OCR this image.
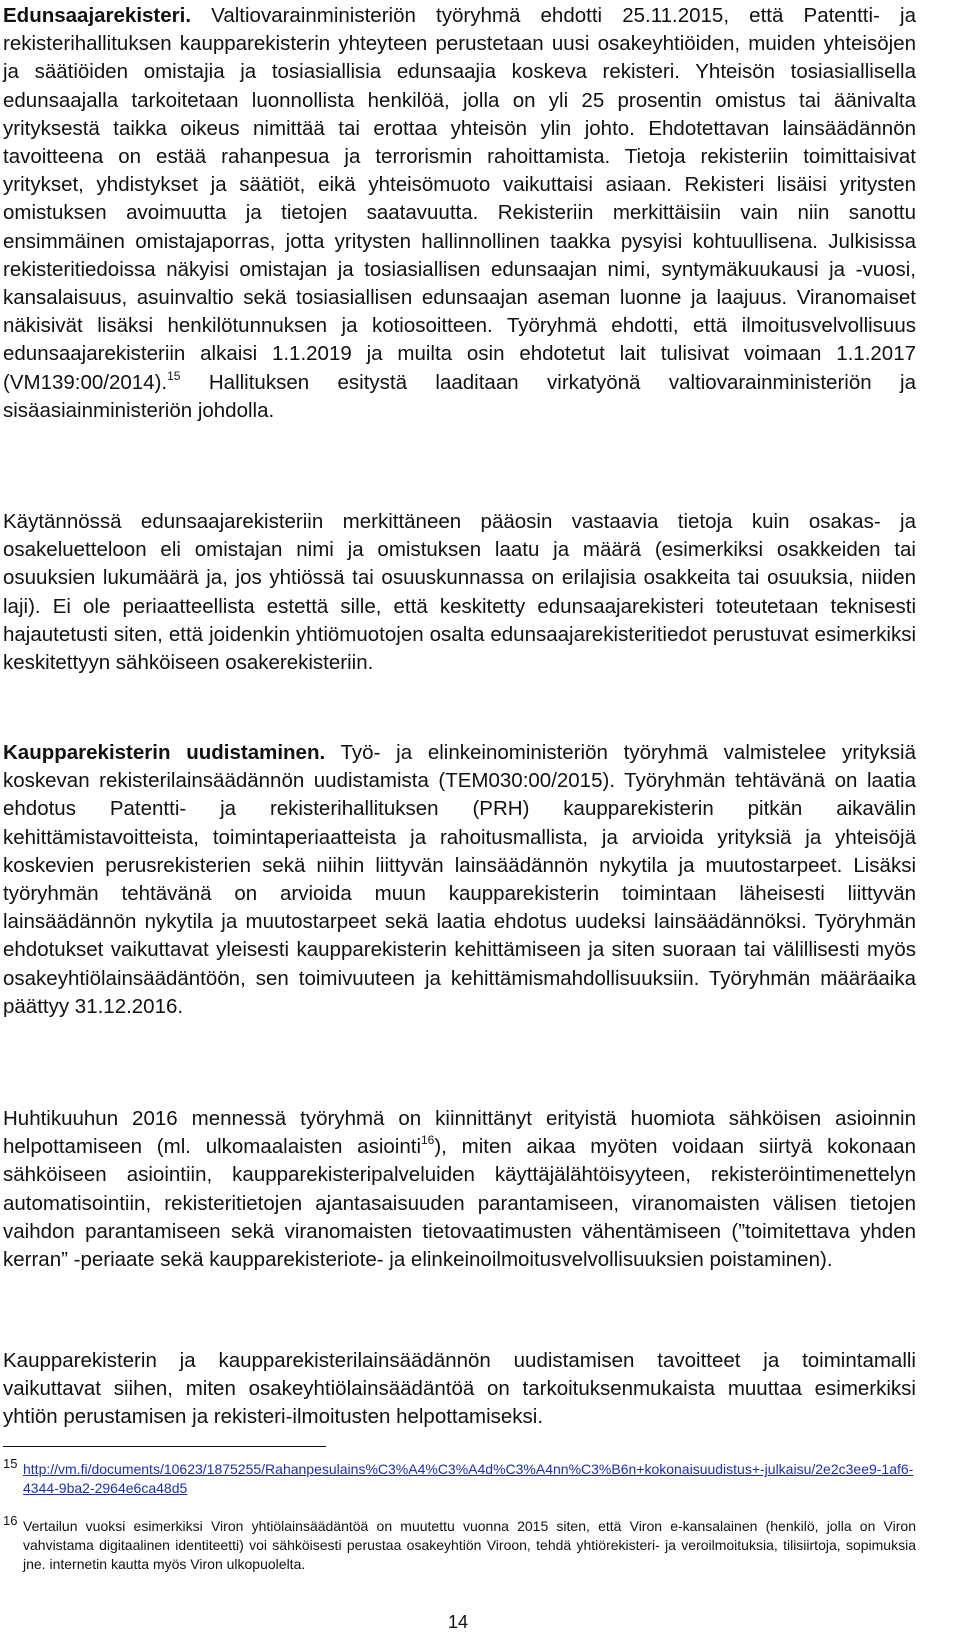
Edunsaajarekisteri. Valtiovarainministeriön työryhmä ehdotti 25.11.2015, että Patentti- ja rekisterihallituksen kaupparekisterin yhteyteen perustetaan uusi osakeyhtiöiden, muiden yhteisöjen ja säätiöiden omistajia ja tosiasiallisia edunsaajia koskeva rekisteri. Yhteisön tosiasiallisella edunsaajalla tarkoitetaan luonnollista henkilöä, jolla on yli 25 prosentin omistus tai äänivalta yrityksestä taikka oikeus nimittää tai erottaa yhteisön ylin johto. Ehdotettavan lainsäädännön tavoitteena on estää rahanpesua ja terrorismin rahoittamista. Tietoja rekisteriin toimittaisivat yritykset, yhdistykset ja säätiöt, eikä yhteisömuoto vaikuttaisi asiaan. Rekisteri lisäisi yritysten omistuksen avoimuutta ja tietojen saatavuutta. Rekisteriin merkittäisiin vain niin sanottu ensimmäinen omistajaporras, jotta yritysten hallinnollinen taakka pysyisi kohtuullisena. Julkisissa rekisteritiedoissa näkyisi omistajan ja tosiasiallisen edunsaajan nimi, syntymäkuukausi ja -vuosi, kansalaisuus, asuinvaltio sekä tosiasiallisen edunsaajan aseman luonne ja laajuus. Viranomaiset näkisivät lisäksi henkilötunnuksen ja kotiosoitteen. Työryhmä ehdotti, että ilmoitusvelvollisuus edunsaajarekisteriin alkaisi 1.1.2019 ja muilta osin ehdotetut lait tulisivat voimaan 1.1.2017 (VM139:00/2014).$^{15}$ Hallituksen esitystä laaditaan virkatyönä valtiovarainministeriön ja sisäasiainministeriön johdolla.

Käytännössä edunsaajarekisteriin merkittäneen pääosin vastaavia tietoja kuin osakas- ja osakeluetteloon eli omistajan nimi ja omistuksen laatu ja määrä (esimerkiksi osakkeiden tai osuuksien lukumäärä ja, jos yhtiössä tai osuuskunnassa on erilajisia osakkeita tai osuuksia, niiden laji). Ei ole periaatteellista estettä sille, että keskitetty edunsaajarekisteri toteutetaan teknisesti hajautetusti siten, että joidenkin yhtiömuotojen osalta edunsaajarekisteritiedot perustuvat esimerkiksi keskitettyyn sähköiseen osakerekisteriin.

Kaupparekisterin uudistaminen. Työ- ja elinkeinoministeriön työryhmä valmistelee yrityksiä koskevan rekisterilainsäädännön uudistamista (TEM030:00/2015). Työryhmän tehtävänä on laatia ehdotus Patentti- ja rekisterihallituksen (PRH) kaupparekisterin pitkän aikavälin kehittämistavoitteista, toimintaperiaatteista ja rahoitusmallista, ja arvioida yrityksiä ja yhteisöjä koskevien perusrekisterien sekä niihin liittyvän lainsäädännön nykytila ja muutostarpeet. Lisäksi työryhmän tehtävänä on arvioida muun kaupparekisterin toimintaan läheisesti liittyvän lainsäädännön nykytila ja muutostarpeet sekä laatia ehdotus uudeksi lainsäädännöksi. Työryhmän ehdotukset vaikuttavat yleisesti kaupparekisterin kehittämiseen ja siten suoraan tai välillisesti myös osakeyhtiölainsäädäntöön, sen toimivuuteen ja kehittämismahdollisuuksiin. Työryhmän määräaika päättyy 31.12.2016.

Huhtikuuhun 2016 mennessä työryhmä on kiinnittänyt erityistä huomiota sähköisen asioinnin helpottamiseen (ml. ulkomaalaisten asiointi$^{16}$), miten aikaa myöten voidaan siirtyä kokonaan sähköiseen asiointiin, kaupparekisteripalveluiden käyttäjälähtöisyyteen, rekisteröintimenettelyn automatisointiin, rekisteritietojen ajantasaisuuden parantamiseen, viranomaisten välisen tietojen vaihdon parantamiseen sekä viranomaisten tietovaatimusten vähentämiseen (”toimitettava yhden kerran” -periaate sekä kaupparekisteriote- ja elinkeinoilmoitusvelvollisuuksien poistaminen).

Kaupparekisterin ja kaupparekisterilainsäädännön uudistamisen tavoitteet ja toimintamalli vaikuttavat siihen, miten osakeyhtiölainsäädäntöä on tarkoituksenmukaista muuttaa esimerkiksi yhtiön perustamisen ja rekisteri-ilmoitusten helpottamiseksi.

15 http://vm.fi/documents/10623/1875255/Rahanpesulains%C3%A4%C3%A4d%C3%A4nn%C3%B6n+kokonaisuudistus+-julkaisu/2e2c3ee9-1af6-4344-9ba2-2964e6ca48d5
16 Vertailun vuoksi esimerkiksi Viron yhtiölainsäädäntöä on muutettu vuonna 2015 siten, että Viron e-kansalainen (henkilö, jolla on Viron vahvistama digitaalinen identiteetti) voi sähköisesti perustaa osakeyhtiön Viroon, tehdä yhtiörekisteri- ja veroilmoituksia, tilisiirtoja, sopimuksia jne. internetin kautta myös Viron ulkopuolelta.
14
